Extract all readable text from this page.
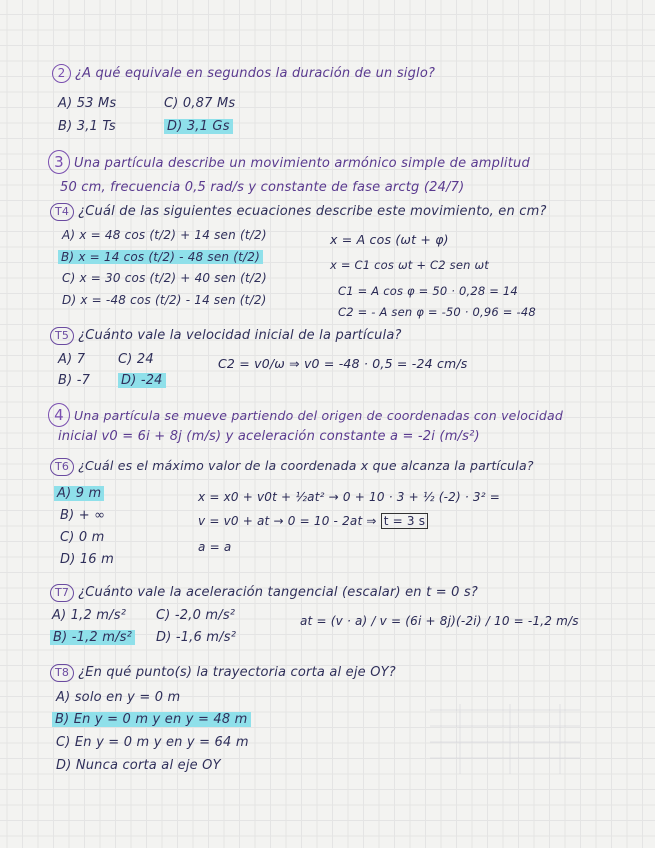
2 ¿A qué equivale en segundos la duración de un siglo?
A) 53 Ms	C) 0,87 Ms
B) 3,1 Ts	D) 3,1 Gs
3 Una partícula describe un movimiento armónico simple de amplitud
50 cm, frecuencia 0,5 rad/s y constante de fase arctg (24/7)
T4 ¿Cuál de las siguientes ecuaciones describe este movimiento, en cm?
A) x = 48 cos (t/2) + 14 sen (t/2)
B) x = 14 cos (t/2) - 48 sen (t/2)
C) x = 30 cos (t/2) + 40 sen (t/2)
D) x = -48 cos (t/2) - 14 sen (t/2)
x = A cos (ωt + φ)
x = C1 cos ωt + C2 sen ωt
C1 = A cos φ = 50 · 0,28 = 14
C2 = - A sen φ = -50 · 0,96 = -48
T5 ¿Cuánto vale la velocidad inicial de la partícula?
A) 7	C) 24
B) -7 D) -24
C2 = v0/ω ⇒ v0 = -48 · 0,5 = -24 cm/s
4 Una partícula se mueve partiendo del origen de coordenadas con velocidad
inicial v0 = 6i + 8j (m/s) y aceleración constante a = -2i (m/s²)
T6 ¿Cuál es el máximo valor de la coordenada x que alcanza la partícula?
A) 9 m
B) + ∞
C) 0 m
D) 16 m
x = x0 + v0t + ½at² → 0 + 10 · 3 + ½ (-2) · 3² =
v = v0 + at → 0 = 10 - 2at ⇒ t = 3 s
a = a
T7 ¿Cuánto vale la aceleración tangencial (escalar) en t = 0 s?
A) 1,2 m/s² C) -2,0 m/s²
B) -1,2 m/s² D) -1,6 m/s²
at = (v · a) / v = (6i + 8j)(-2i) / 10 = -1,2 m/s
T8 ¿En qué punto(s) la trayectoria corta al eje OY?
A) solo en y = 0 m
B) En y = 0 m y en y = 48 m
C) En y = 0 m y en y = 64 m
D) Nunca corta al eje OY
